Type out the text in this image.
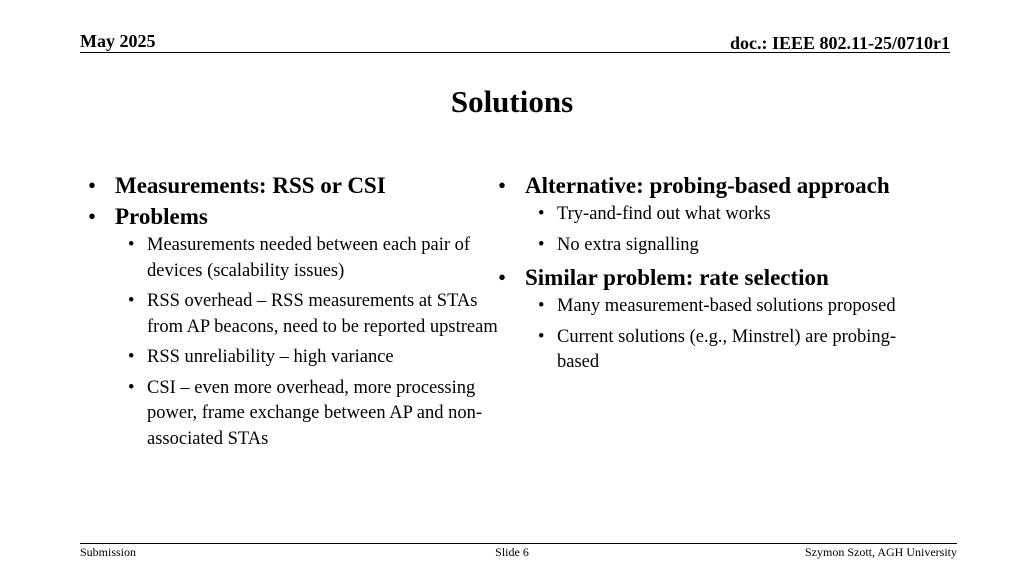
May 2025	doc.: IEEE 802.11-25/0710r1
Solutions
• Measurements: RSS or CSI
• Problems
• Measurements needed between each pair of devices (scalability issues)
• RSS overhead – RSS measurements at STAs from AP beacons, need to be reported upstream
• RSS unreliability – high variance
• CSI – even more overhead, more processing power, frame exchange between AP and non-associated STAs
• Alternative: probing-based approach
• Try-and-find out what works
• No extra signalling
• Similar problem: rate selection
• Many measurement-based solutions proposed
• Current solutions (e.g., Minstrel) are probing-based
Submission	Slide 6	Szymon Szott, AGH University
